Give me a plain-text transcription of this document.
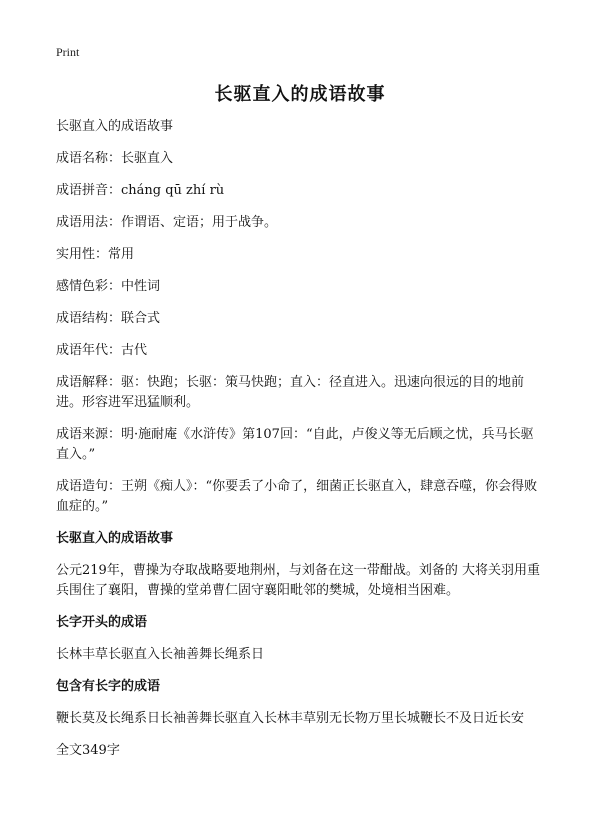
Print
长驱直入的成语故事

长驱直入的成语故事

成语名称：长驱直入

成语拼音：cháng qū zhí rù

成语用法：作谓语、定语；用于战争。

实用性：常用

感情色彩：中性词

成语结构：联合式

成语年代：古代

成语解释：驱：快跑；长驱：策马快跑；直入：径直进入。迅速向很远的目的地前进。形容进军迅猛顺利。

成语来源：明·施耐庵《水浒传》第107回：“自此，卢俊义等无后顾之忧，兵马长驱直入。”

成语造句：王朔《痴人》：“你要丢了小命了，细菌正长驱直入，肆意吞噬，你会得败血症的。”

长驱直入的成语故事

公元219年，曹操为夺取战略要地荆州，与刘备在这一带酣战。刘备的 大将关羽用重兵围住了襄阳，曹操的堂弟曹仁固守襄阳毗邻的樊城，处境相当困难。

长字开头的成语

长林丰草长驱直入长袖善舞长绳系日

包含有长字的成语

鞭长莫及长绳系日长袖善舞长驱直入长林丰草别无长物万里长城鞭长不及日近长安

全文349字
